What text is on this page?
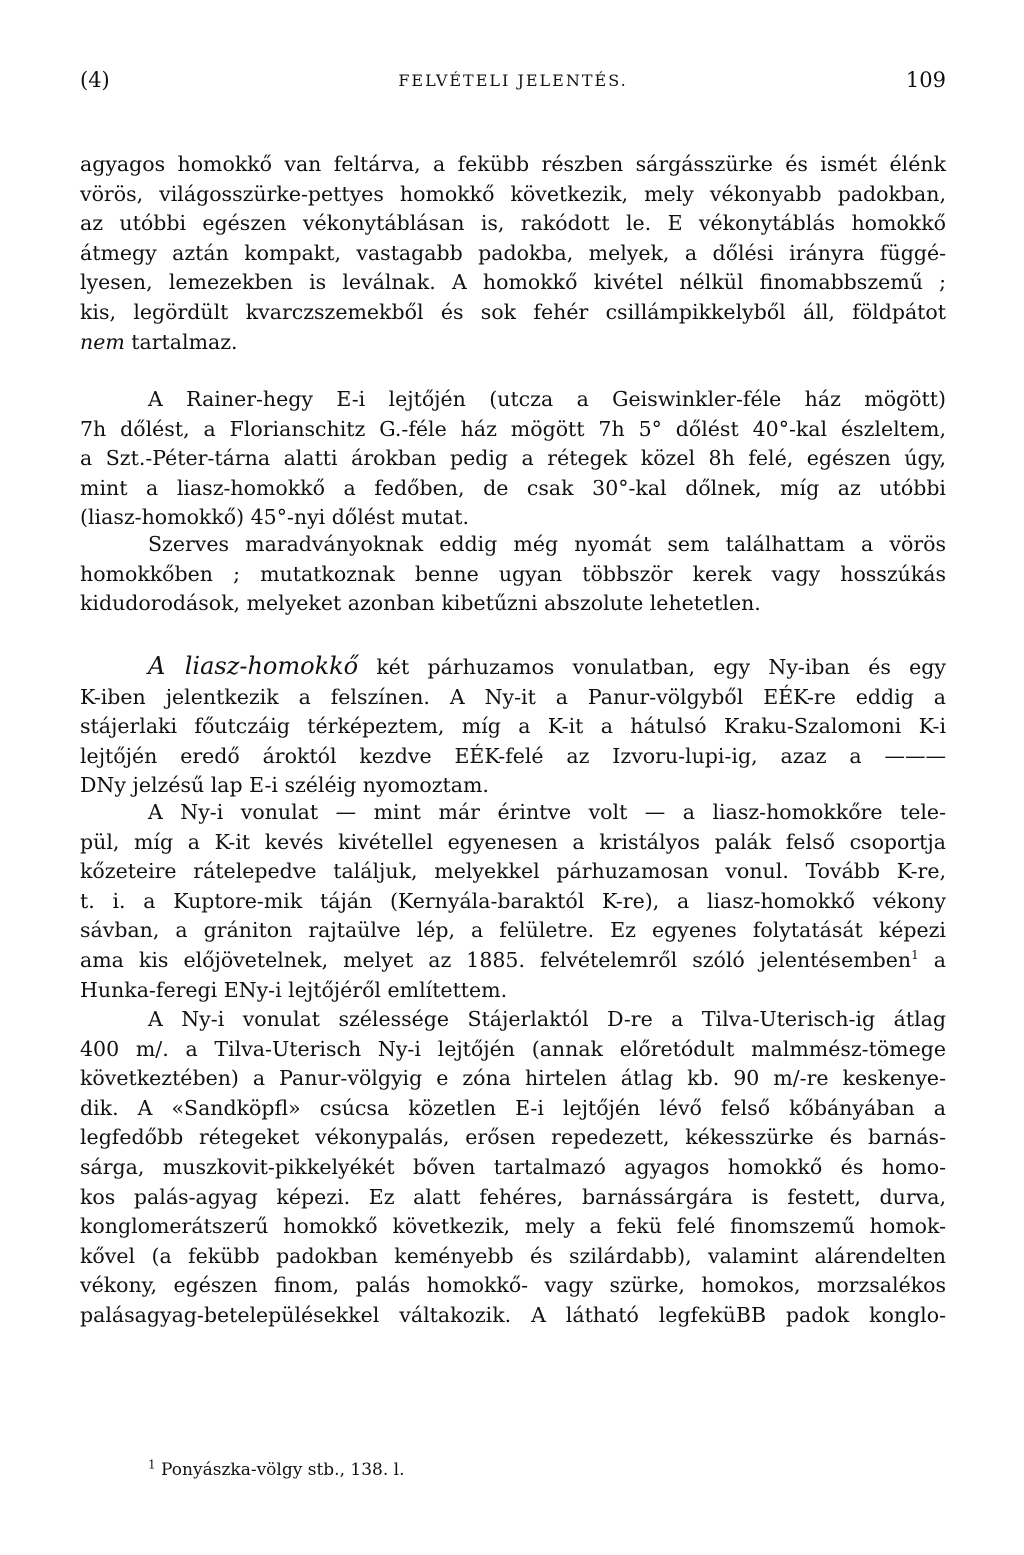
(4)	FELVÉTELI JELENTÉS.	109
agyagos homokkő van feltárva, a fekübb részben sárgásszürke és ismét élénk
vörös, világosszürke-pettyes homokkő következik, mely vékonyabb padokban,
az utóbbi egészen vékonytáblásan is, rakódott le. E vékonytáblás homokkő
átmegy aztán kompakt, vastagabb padokba, melyek, a dőlési irányra függé-
lyesen, lemezekben is leválnak. A homokkő kivétel nélkül finomabbszemű ;
kis, legördült kvarczszemekből és sok fehér csillámpikkelyből áll, földpátot
nem tartalmaz.
A Rainer-hegy E-i lejtőjén (utcza a Geiswinkler-féle ház mögött)
7h dőlést, a Florianschitz G.-féle ház mögött 7h 5° dőlést 40°-kal észleltem,
a Szt.-Péter-tárna alatti árokban pedig a rétegek közel 8h felé, egészen úgy,
mint a liasz-homokkő a fedőben, de csak 30°-kal dőlnek, míg az utóbbi
(liasz-homokkő) 45°-nyi dőlést mutat.
Szerves maradványoknak eddig még nyomát sem találhattam a vörös
homokkőben ; mutatkoznak benne ugyan többször kerek vagy hosszúkás
kidudorodások, melyeket azonban kibetűzni abszolute lehetetlen.
A liasz-homokkő két párhuzamos vonulatban, egy Ny-iban és egy
K-iben jelentkezik a felszínen. A Ny-it a Panur-völgyből EÉK-re eddig a
stájerlaki főutczáig térképeztem, míg a K-it a hátulsó Kraku-Szalomoni K-i
lejtőjén eredő ároktól kezdve EÉK-felé az Izvoru-lupi-ig, azaz a ———
DNy jelzésű lap E-i széléig nyomoztam.
A Ny-i vonulat — mint már érintve volt — a liasz-homokkőre tele-
pül, míg a K-it kevés kivétellel egyenesen a kristályos palák felső csoportja
kőzeteire rátelepedve találjuk, melyekkel párhuzamosan vonul. Tovább K-re,
t. i. a Kuptore-mik táján (Kernyála-baraktól K-re), a liasz-homokkő vékony
sávban, a gránitоn rajtaülve lép, a felületre. Ez egyenes folytatását képezi
ama kis előjövetelnek, melyet az 1885. felvételemről szóló jelentésemben$^1$ a
Hunka-feregi ENy-i lejtőjéről említettem.
A Ny-i vonulat szélessége Stájerlaktól D-re a Tilva-Uterisch-ig átlag
400 m/. a Tilva-Uterisch Ny-i lejtőjén (annak előretódult malmmész-tömege
következtében) a Panur-völgyig e zóna hirtelen átlag kb. 90 m/-re keskenye-
dik. A «Sandköpfl» csúcsa közetlen E-i lejtőjén lévő felső kőbányában a
legfedőbb rétegeket vékonypalás, erősen repedezett, kékesszürke és barnás-
sárga, muszkovit-pikkelyékét bőven tartalmazó agyagos homokkő és homo-
kos palás-agyag képezi. Ez alatt fehéres, barnássárgára is festett, durva,
konglomerátszerű homokkő következik, mely a fekü felé finomszemű homok-
kővel (a fekübb padokban keményebb és szilárdabb), valamint alárendelten
vékony, egészen finom, palás homokkő- vagy szürke, homokos, morzsalékos
palásagyag-betelepülésekkel váltakozik. A látható legfeküBB padok konglo-
$^1$ Ponyászka-völgy stb., 138. l.
